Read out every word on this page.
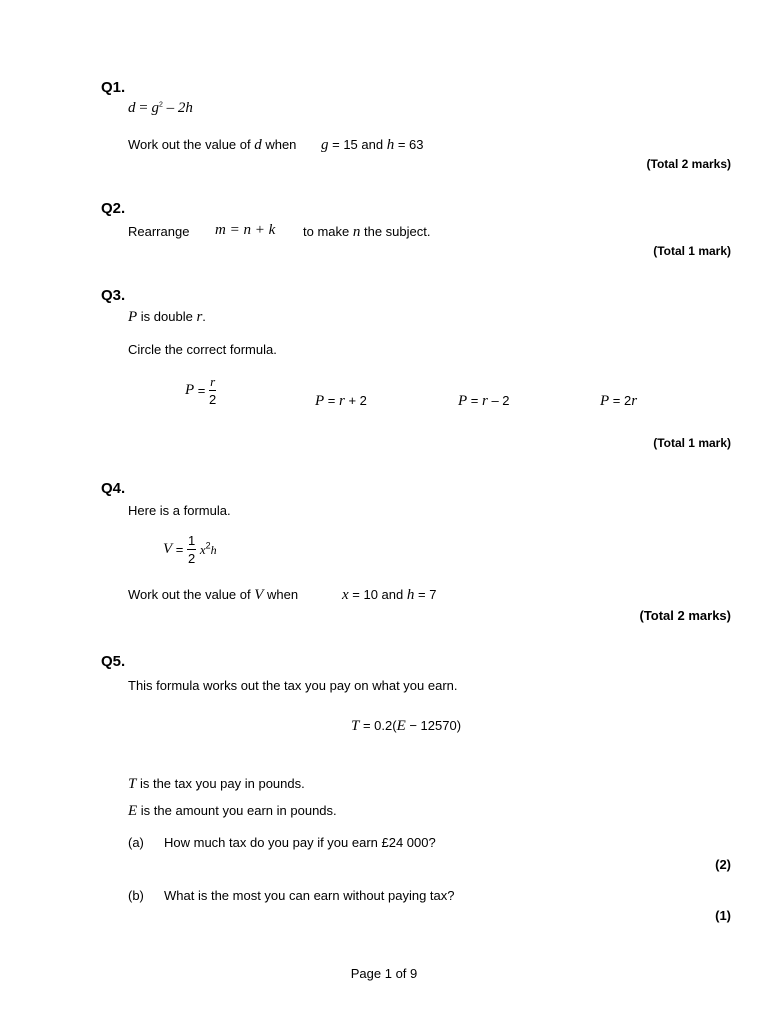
Q1.
$d = g^2 - 2h$
Work out the value of d when g = 15 and h = 63
(Total 2 marks)
Q2.
Rearrange m = n + k to make n the subject.
(Total 1 mark)
Q3.
P is double r.
Circle the correct formula.
$P = \frac{r}{2}$	P = r + 2	P = r – 2	P = 2r
(Total 1 mark)
Q4.
Here is a formula.
$V = \frac{1}{2} x^2h$
Work out the value of V when	x = 10 and h = 7
(Total 2 marks)
Q5.
This formula works out the tax you pay on what you earn.
T = 0.2(E − 12570)
T is the tax you pay in pounds.
E is the amount you earn in pounds.
(a) How much tax do you pay if you earn £24 000?
(2)
(b) What is the most you can earn without paying tax?
(1)
Page 1 of 9
